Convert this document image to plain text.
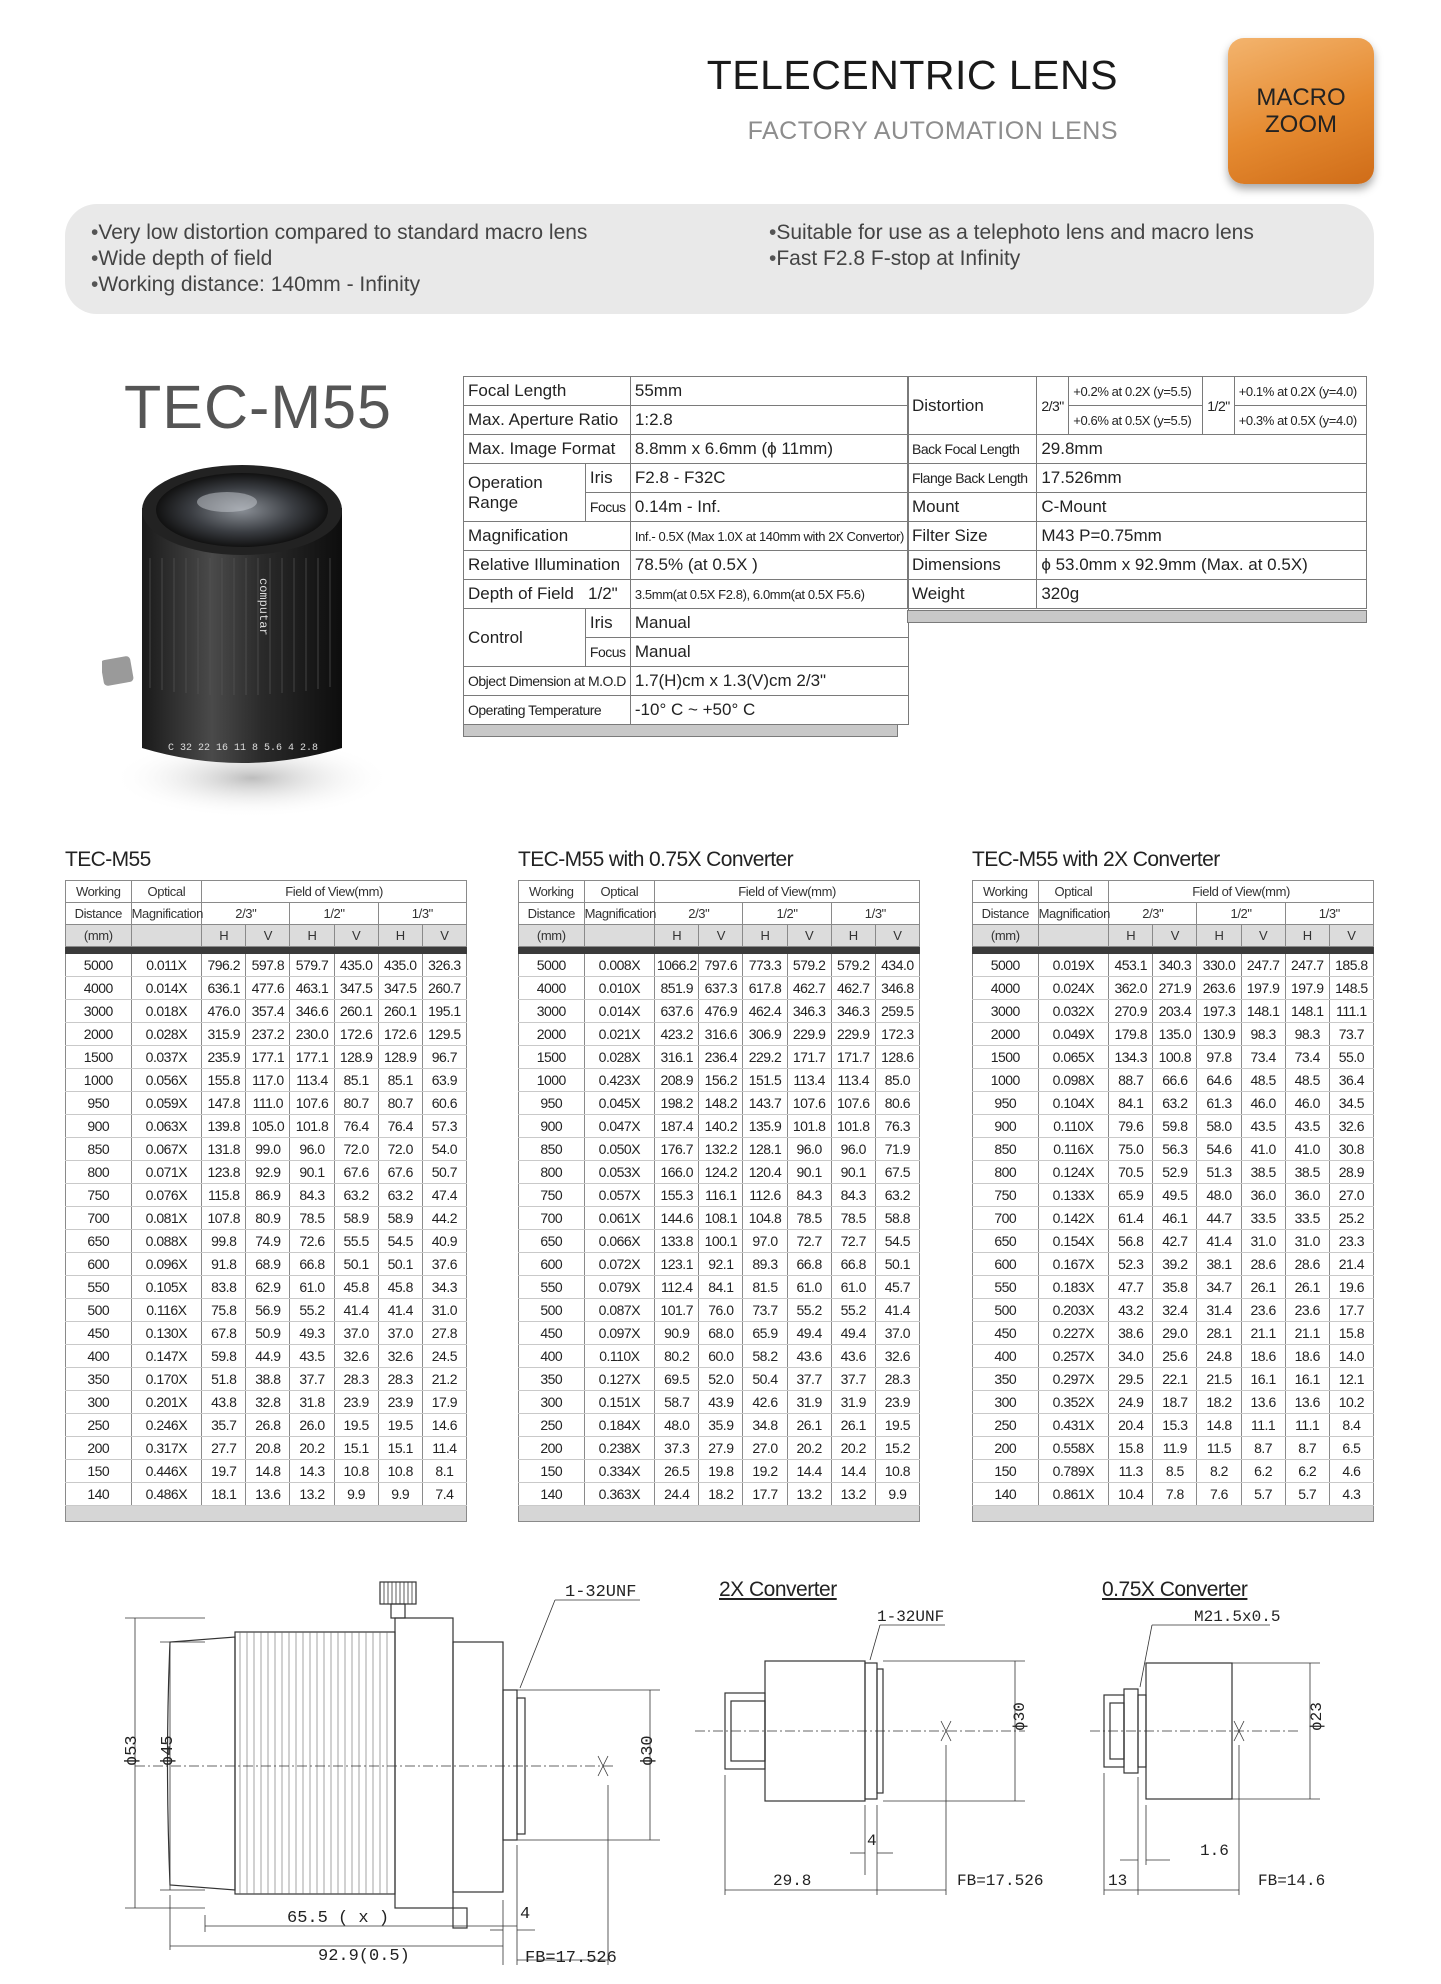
TELECENTRIC LENS
FACTORY AUTOMATION LENS
MACRO
ZOOM
• Very low distortion compared to standard macro lens
• Wide depth of field
• Working distance: 140mm - Infinity
• Suitable for use as a telephoto lens and macro lens
• Fast F2.8 F-stop at Infinity
TEC-M55
C 32 22 16 11 8 5.6 4 2.8
computar
Focal Length		55mm
Max. Aperture Ratio		1:2.8
Max. Image Format		8.8mm x 6.6mm (ϕ 11mm)
Operation Range	Iris	F2.8 - F32C
	Focus	0.14m - Inf.
Magnification		Inf.- 0.5X (Max 1.0X at 140mm with 2X Convertor)
Relative Illumination		78.5% (at 0.5X )
Depth of Field 1/2"		3.5mm(at 0.5X F2.8), 6.0mm(at 0.5X F5.6)
Control	Iris	Manual
	Focus	Manual
Object Dimension at M.O.D		1.7(H)cm x 1.3(V)cm 2/3"
Operating Temperature		-10° C ~ +50° C
Distortion	2/3"	+0.2% at 0.2X (y=5.5)	1/2"	+0.1% at 0.2X (y=4.0)
		+0.6% at 0.5X (y=5.5)		+0.3% at 0.5X (y=4.0)
Back Focal Length	29.8mm			
Flange Back Length	17.526mm			
Mount	C-Mount			
Filter Size	M43 P=0.75mm			
Dimensions	ϕ 53.0mm x 92.9mm (Max. at 0.5X)			
Weight	320g			
TEC-M55	TEC-M55 with 0.75X Converter	TEC-M55 with 2X Converter
Working	Optical	Field of View(mm)					
Distance	Magnification	2/3"		1/2"		1/3"	
(mm)		H	V	H	V	H	V

5000	0.011X	796.2	597.8	579.7	435.0	435.0	326.3
4000	0.014X	636.1	477.6	463.1	347.5	347.5	260.7
3000	0.018X	476.0	357.4	346.6	260.1	260.1	195.1
2000	0.028X	315.9	237.2	230.0	172.6	172.6	129.5
1500	0.037X	235.9	177.1	177.1	128.9	128.9	96.7
1000	0.056X	155.8	117.0	113.4	85.1	85.1	63.9
950	0.059X	147.8	111.0	107.6	80.7	80.7	60.6
900	0.063X	139.8	105.0	101.8	76.4	76.4	57.3
850	0.067X	131.8	99.0	96.0	72.0	72.0	54.0
800	0.071X	123.8	92.9	90.1	67.6	67.6	50.7
750	0.076X	115.8	86.9	84.3	63.2	63.2	47.4
700	0.081X	107.8	80.9	78.5	58.9	58.9	44.2
650	0.088X	99.8	74.9	72.6	55.5	54.5	40.9
600	0.096X	91.8	68.9	66.8	50.1	50.1	37.6
550	0.105X	83.8	62.9	61.0	45.8	45.8	34.3
500	0.116X	75.8	56.9	55.2	41.4	41.4	31.0
450	0.130X	67.8	50.9	49.3	37.0	37.0	27.8
400	0.147X	59.8	44.9	43.5	32.6	32.6	24.5
350	0.170X	51.8	38.8	37.7	28.3	28.3	21.2
300	0.201X	43.8	32.8	31.8	23.9	23.9	17.9
250	0.246X	35.7	26.8	26.0	19.5	19.5	14.6
200	0.317X	27.7	20.8	20.2	15.1	15.1	11.4
150	0.446X	19.7	14.8	14.3	10.8	10.8	8.1
140	0.486X	18.1	13.6	13.2	9.9	9.9	7.4

Working	Optical	Field of View(mm)					
Distance	Magnification	2/3"		1/2"		1/3"	
(mm)		H	V	H	V	H	V

5000	0.008X	1066.2	797.6	773.3	579.2	579.2	434.0
4000	0.010X	851.9	637.3	617.8	462.7	462.7	346.8
3000	0.014X	637.6	476.9	462.4	346.3	346.3	259.5
2000	0.021X	423.2	316.6	306.9	229.9	229.9	172.3
1500	0.028X	316.1	236.4	229.2	171.7	171.7	128.6
1000	0.423X	208.9	156.2	151.5	113.4	113.4	85.0
950	0.045X	198.2	148.2	143.7	107.6	107.6	80.6
900	0.047X	187.4	140.2	135.9	101.8	101.8	76.3
850	0.050X	176.7	132.2	128.1	96.0	96.0	71.9
800	0.053X	166.0	124.2	120.4	90.1	90.1	67.5
750	0.057X	155.3	116.1	112.6	84.3	84.3	63.2
700	0.061X	144.6	108.1	104.8	78.5	78.5	58.8
650	0.066X	133.8	100.1	97.0	72.7	72.7	54.5
600	0.072X	123.1	92.1	89.3	66.8	66.8	50.1
550	0.079X	112.4	84.1	81.5	61.0	61.0	45.7
500	0.087X	101.7	76.0	73.7	55.2	55.2	41.4
450	0.097X	90.9	68.0	65.9	49.4	49.4	37.0
400	0.110X	80.2	60.0	58.2	43.6	43.6	32.6
350	0.127X	69.5	52.0	50.4	37.7	37.7	28.3
300	0.151X	58.7	43.9	42.6	31.9	31.9	23.9
250	0.184X	48.0	35.9	34.8	26.1	26.1	19.5
200	0.238X	37.3	27.9	27.0	20.2	20.2	15.2
150	0.334X	26.5	19.8	19.2	14.4	14.4	10.8
140	0.363X	24.4	18.2	17.7	13.2	13.2	9.9

Working	Optical	Field of View(mm)					
Distance	Magnification	2/3"		1/2"		1/3"	
(mm)		H	V	H	V	H	V

5000	0.019X	453.1	340.3	330.0	247.7	247.7	185.8
4000	0.024X	362.0	271.9	263.6	197.9	197.9	148.5
3000	0.032X	270.9	203.4	197.3	148.1	148.1	111.1
2000	0.049X	179.8	135.0	130.9	98.3	98.3	73.7
1500	0.065X	134.3	100.8	97.8	73.4	73.4	55.0
1000	0.098X	88.7	66.6	64.6	48.5	48.5	36.4
950	0.104X	84.1	63.2	61.3	46.0	46.0	34.5
900	0.110X	79.6	59.8	58.0	43.5	43.5	32.6
850	0.116X	75.0	56.3	54.6	41.0	41.0	30.8
800	0.124X	70.5	52.9	51.3	38.5	38.5	28.9
750	0.133X	65.9	49.5	48.0	36.0	36.0	27.0
700	0.142X	61.4	46.1	44.7	33.5	33.5	25.2
650	0.154X	56.8	42.7	41.4	31.0	31.0	23.3
600	0.167X	52.3	39.2	38.1	28.6	28.6	21.4
550	0.183X	47.7	35.8	34.7	26.1	26.1	19.6
500	0.203X	43.2	32.4	31.4	23.6	23.6	17.7
450	0.227X	38.6	29.0	28.1	21.1	21.1	15.8
400	0.257X	34.0	25.6	24.8	18.6	18.6	14.0
350	0.297X	29.5	22.1	21.5	16.1	16.1	12.1
300	0.352X	24.9	18.7	18.2	13.6	13.6	10.2
250	0.431X	20.4	15.3	14.8	11.1	11.1	8.4
200	0.558X	15.8	11.9	11.5	8.7	8.7	6.5
150	0.789X	11.3	8.5	8.2	6.2	6.2	4.6
140	0.861X	10.4	7.8	7.6	5.7	5.7	4.3

2X Converter	0.75X Converter
1-32UNF
ϕ53 ϕ45	ϕ30
65.5 ( x )
92.9(0.5)
4
FB=17.526
1-32UNF
ϕ30
4
29.8	FB=17.526
M21.5x0.5
ϕ23
1.6
13	FB=14.6
